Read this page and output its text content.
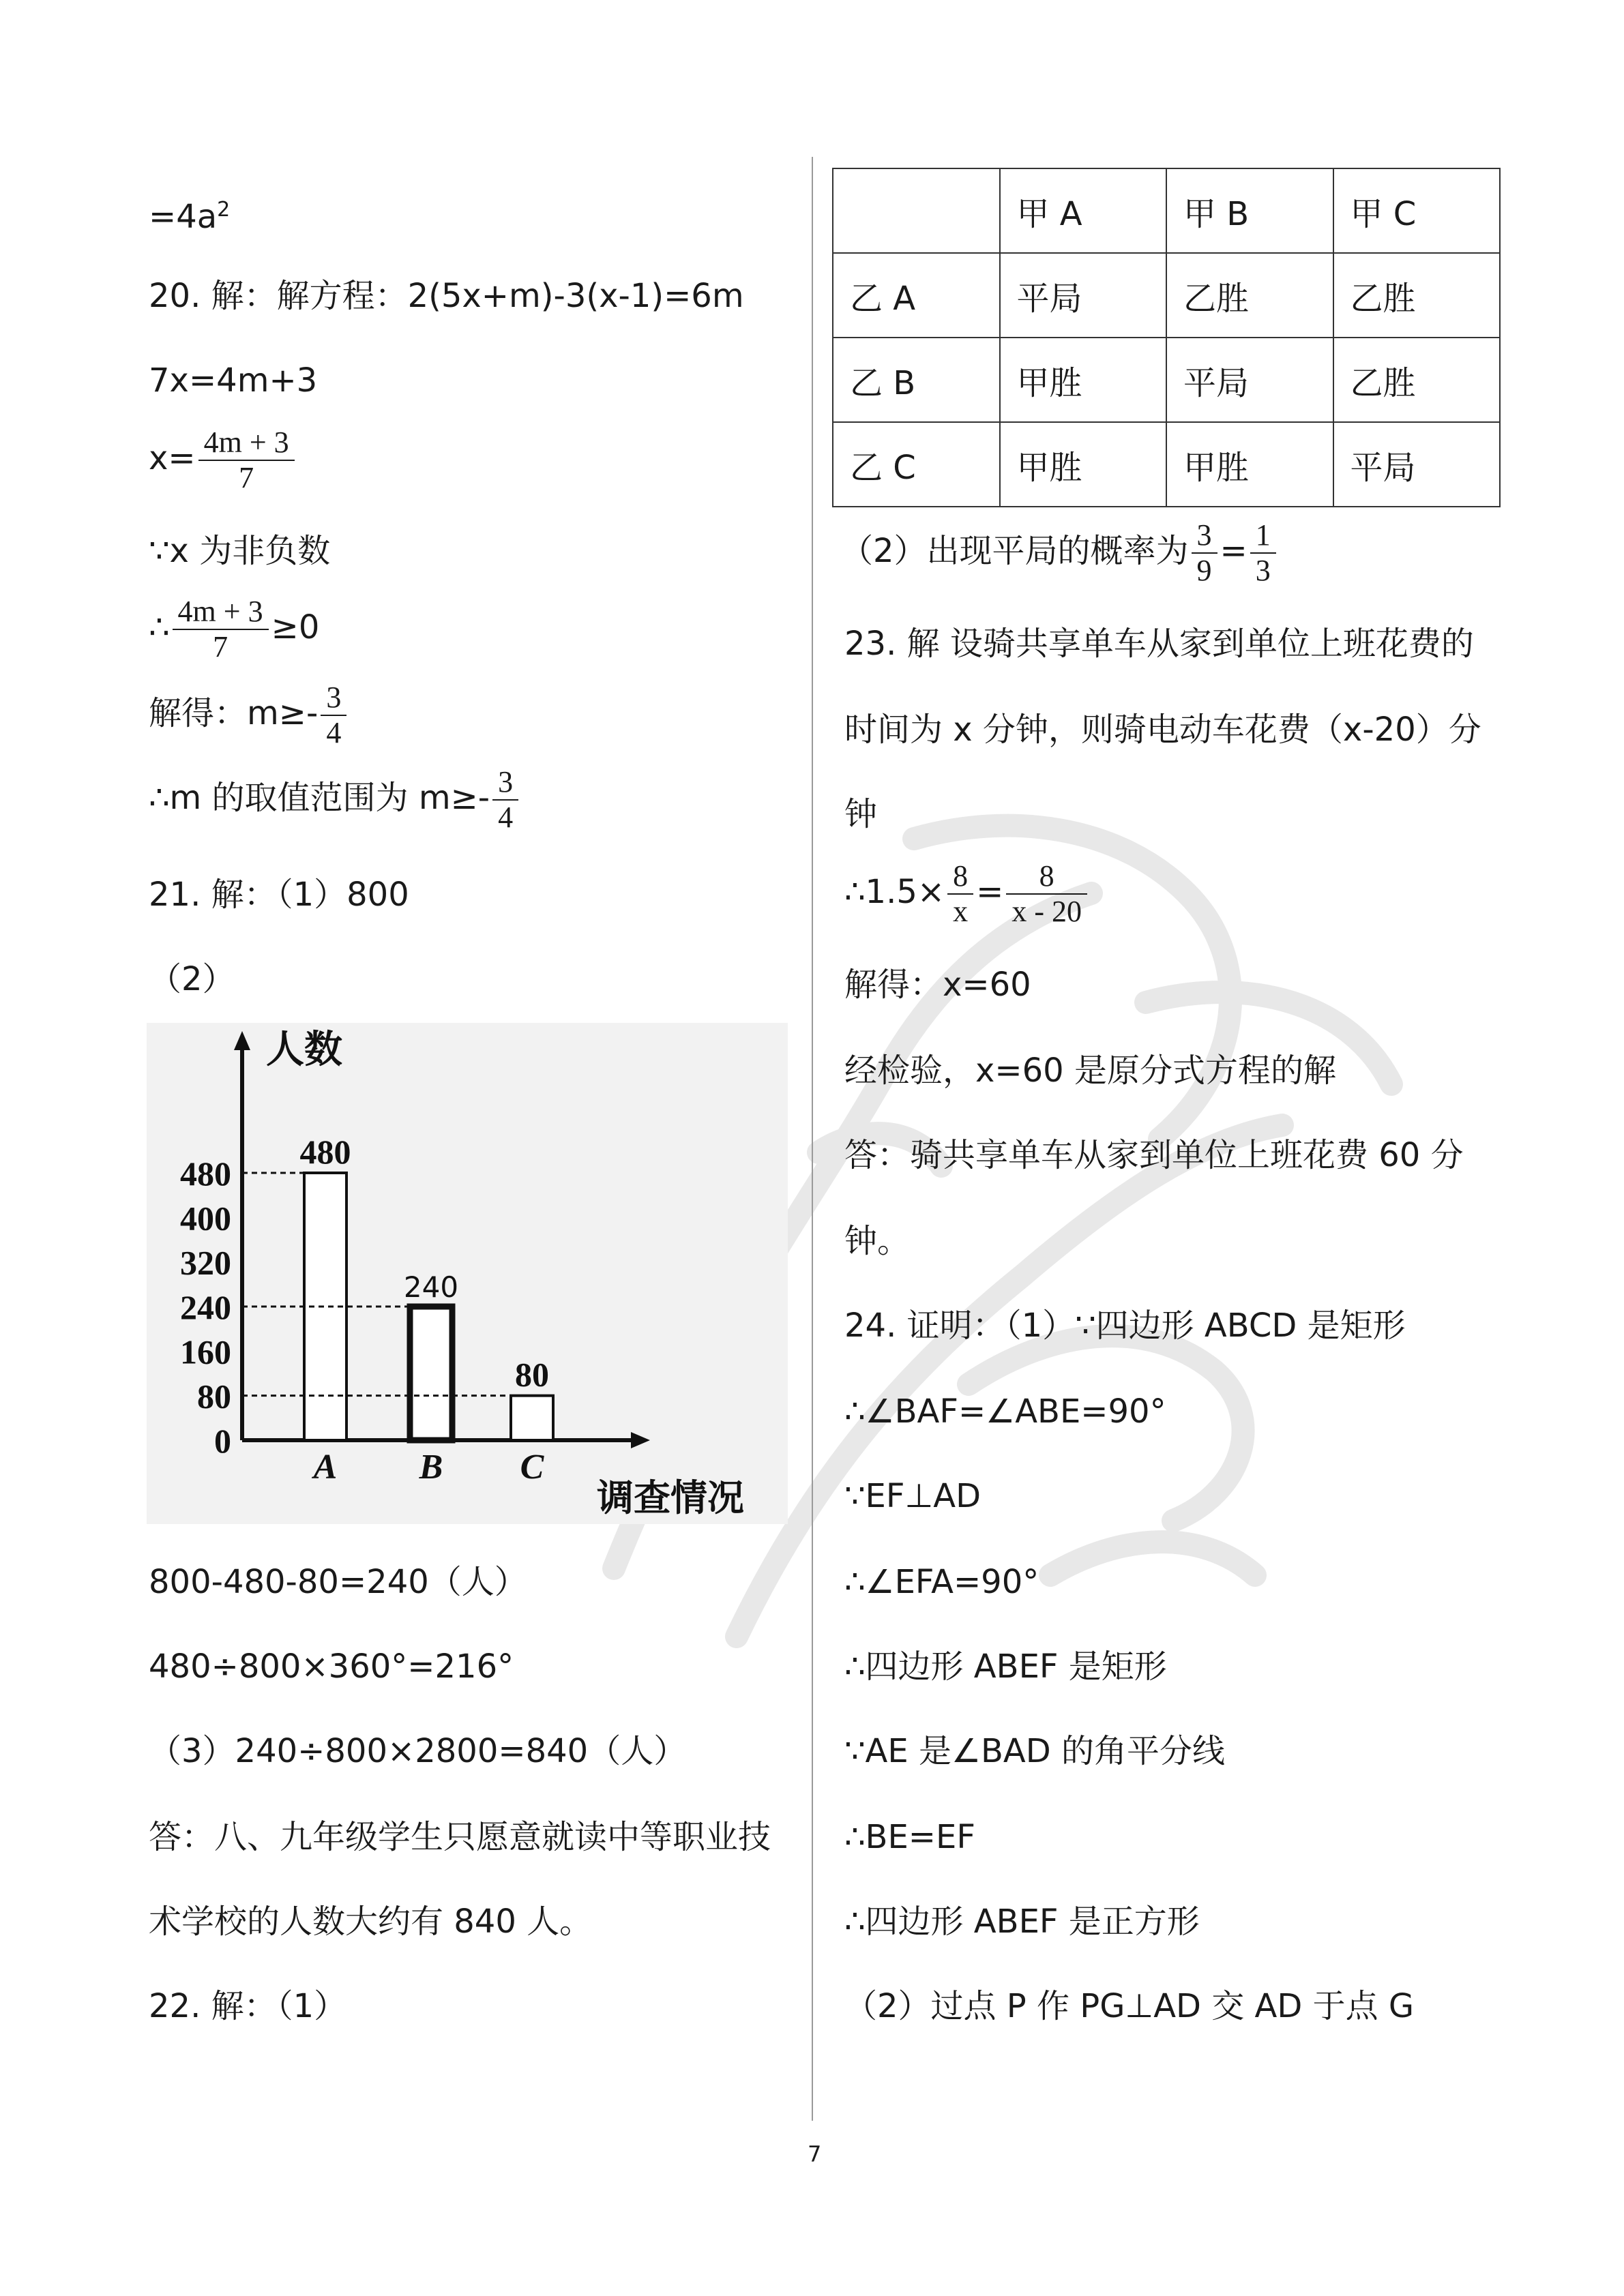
$=4a^2$
20. 解：解方程：2(5x+m)-3(x-1)=6m
7x=4m+3
$x= \frac{4m + 3}{7}$
∵x 为非负数
∴ $\frac{4m + 3}{7} \ge 0$
解得：$m\ge- \frac{3}{4}$
∴m 的取值范围为 $m\ge- \frac{3}{4}$
21. 解：（1）800
（2）
人数
调查情况
0
80
160
240
320
400
480
480
A
240
B
80
C
800-480-80=240（人）
480÷800×360°=216°
（3）240÷800×2800=840（人）
答：八、九年级学生只愿意就读中等职业技
术学校的人数大约有 840 人。
22. 解：（1）
	甲 A	甲 B	甲 C
乙 A	平局	乙胜	乙胜
乙 B	甲胜	平局	乙胜
乙 C	甲胜	甲胜	平局
（2）出现平局的概率为 $\frac{3}{9} = \frac{1}{3}$
23. 解 设骑共享单车从家到单位上班花费的
时间为 x 分钟，则骑电动车花费（x-20）分
钟
∴1.5× $\frac{8}{x} = \frac{8}{x - 20}$
解得：x=60
经检验，x=60 是原分式方程的解
答：骑共享单车从家到单位上班花费 60 分
钟。
24. 证明：（1）∵四边形 ABCD 是矩形
∴∠BAF=∠ABE=90°
∵EF⊥AD
∴∠EFA=90°
∴四边形 ABEF 是矩形
∵AE 是∠BAD 的角平分线
∴BE=EF
∴四边形 ABEF 是正方形
（2）过点 P 作 PG⊥AD 交 AD 于点 G
7
